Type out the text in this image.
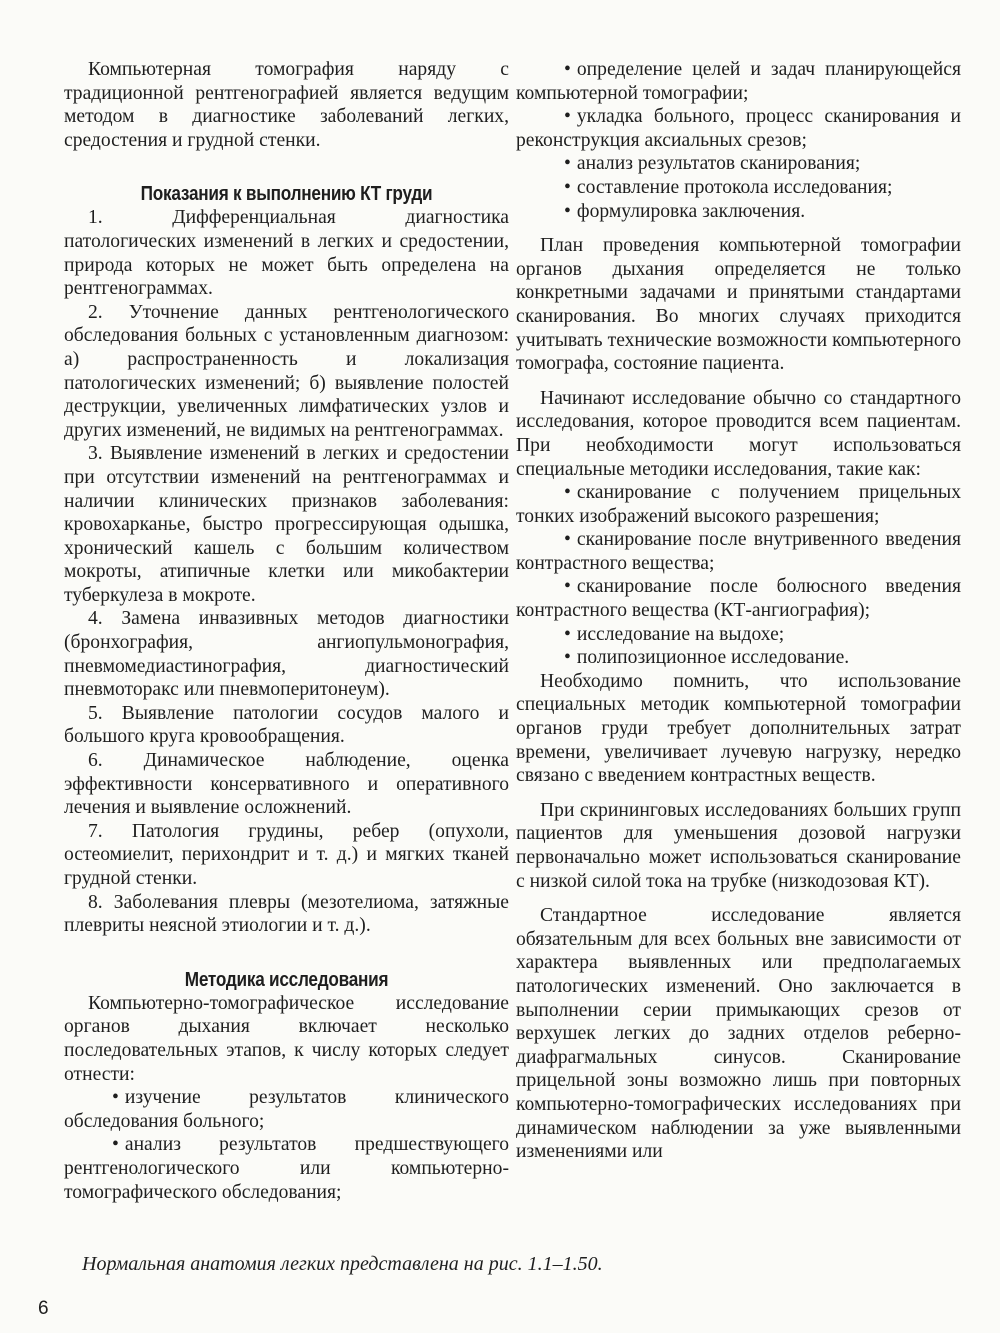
Компьютерная томография наряду с традиционной рентгенографией является ведущим методом в диагностике заболеваний легких, средостения и грудной стенки.

Показания к выполнению КТ груди

1. Дифференциальная диагностика патологических изменений в легких и средостении, природа которых не может быть определена на рентгенограммах.

2. Уточнение данных рентгенологического обследования больных с установленным диагнозом: а) распространенность и локализация патологических изменений; б) выявление полостей деструкции, увеличенных лимфатических узлов и других изменений, не видимых на рентгенограммах.

3. Выявление изменений в легких и средостении при отсутствии изменений на рентгенограммах и наличии клинических признаков заболевания: кровохарканье, быстро прогрессирующая одышка, хронический кашель с большим количеством мокроты, атипичные клетки или микобактерии туберкулеза в мокроте.

4. Замена инвазивных методов диагностики (бронхография, ангиопульмонография, пневмомедиастинография, диагностический пневмоторакс или пневмоперитонеум).

5. Выявление патологии сосудов малого и большого круга кровообращения.

6. Динамическое наблюдение, оценка эффективности консервативного и оперативного лечения и выявление осложнений.

7. Патология грудины, ребер (опухоли, остеомиелит, перихондрит и т. д.) и мягких тканей грудной стенки.

8. Заболевания плевры (мезотелиома, затяжные плевриты неясной этиологии и т. д.).

Методика исследования

Компьютерно-томографическое исследование органов дыхания включает несколько последовательных этапов, к числу которых следует отнести:

• изучение результатов клинического обследования больного;

• анализ результатов предшествующего рентгенологического или компьютерно-томографического обследования;

• определение целей и задач планирующейся компьютерной томографии;

• укладка больного, процесс сканирования и реконструкция аксиальных срезов;

• анализ результатов сканирования;

• составление протокола исследования;

• формулировка заключения.

План проведения компьютерной томографии органов дыхания определяется не только конкретными задачами и принятыми стандартами сканирования. Во многих случаях приходится учитывать технические возможности компьютерного томографа, состояние пациента.

Начинают исследование обычно со стандартного исследования, которое проводится всем пациентам. При необходимости могут использоваться специальные методики исследования, такие как:

• сканирование с получением прицельных тонких изображений высокого разрешения;

• сканирование после внутривенного введения контрастного вещества;

• сканирование после болюсного введения контрастного вещества (КТ-ангиография);

• исследование на выдохе;

• полипозиционное исследование.

Необходимо помнить, что использование специальных методик компьютерной томографии органов груди требует дополнительных затрат времени, увеличивает лучевую нагрузку, нередко связано с введением контрастных веществ.

При скрининговых исследованиях больших групп пациентов для уменьшения дозовой нагрузки первоначально может использоваться сканирование с низкой силой тока на трубке (низкодозовая КТ).

Стандартное исследование является обязательным для всех больных вне зависимости от характера выявленных или предполагаемых патологических изменений. Оно заключается в выполнении серии примыкающих срезов от верхушек легких до задних отделов реберно-диафрагмальных синусов. Сканирование прицельной зоны возможно лишь при повторных компьютерно-томографических исследованиях при динамическом наблюдении за уже выявленными изменениями или

Нормальная анатомия легких представлена на рис. 1.1–1.50.
6
